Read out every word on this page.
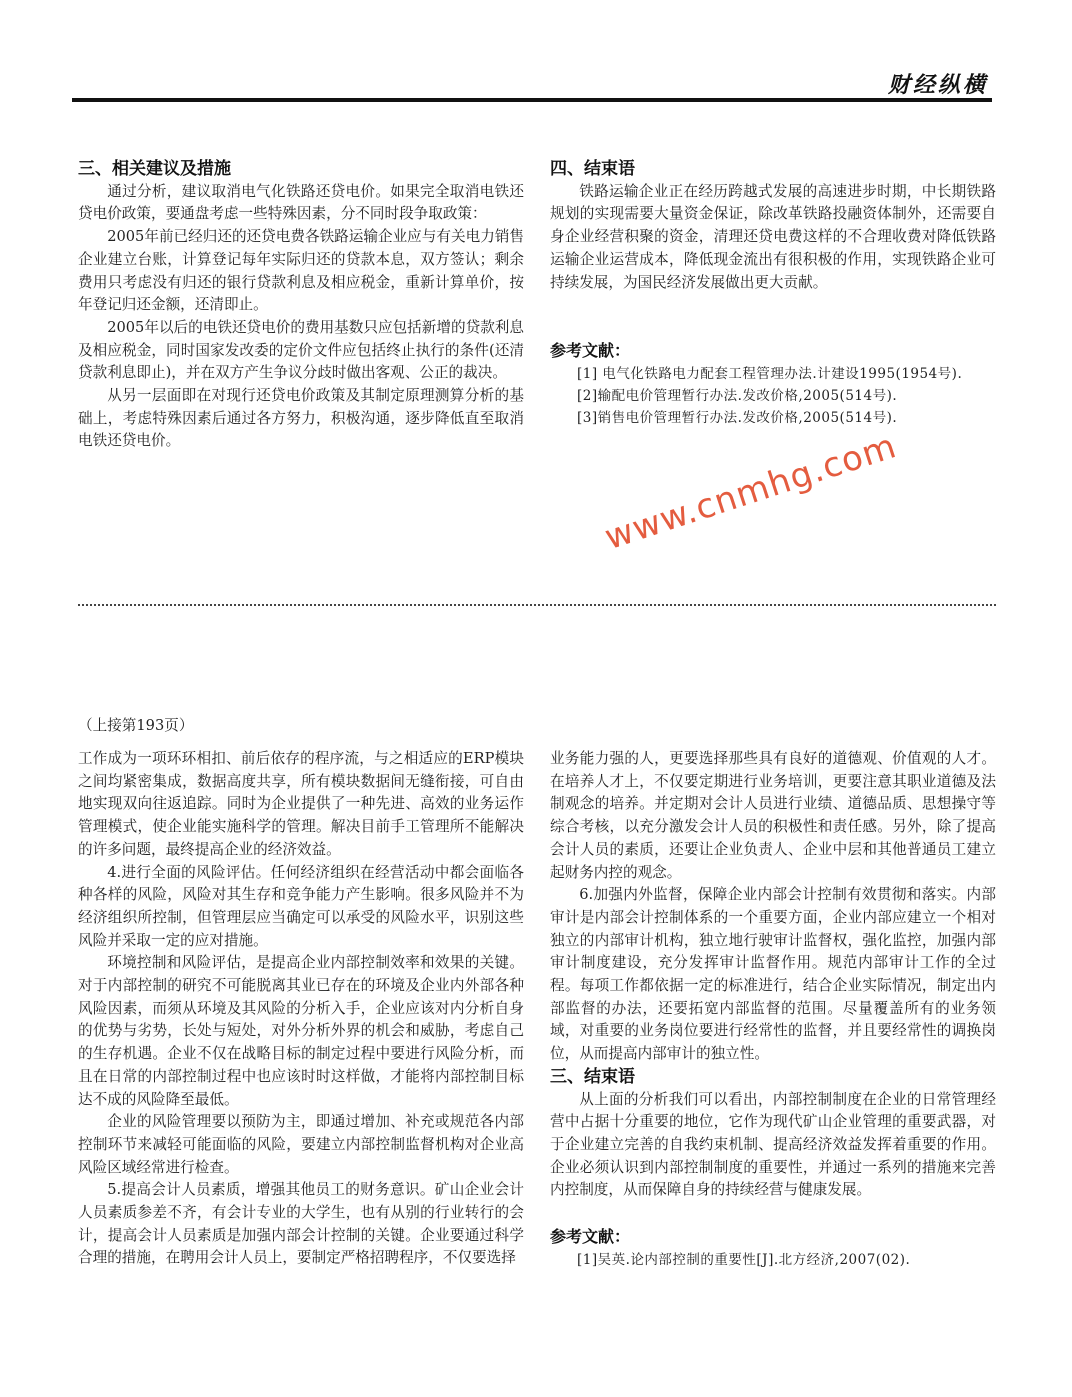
财经纵横
三、相关建议及措施

通过分析，建议取消电气化铁路还贷电价。如果完全取消电铁还贷电价政策，要通盘考虑一些特殊因素，分不同时段争取政策：

2005年前已经归还的还贷电费各铁路运输企业应与有关电力销售企业建立台账，计算登记每年实际归还的贷款本息，双方签认；剩余费用只考虑没有归还的银行贷款利息及相应税金，重新计算单价，按年登记归还金额，还清即止。

2005年以后的电铁还贷电价的费用基数只应包括新增的贷款利息及相应税金，同时国家发改委的定价文件应包括终止执行的条件(还清贷款利息即止)，并在双方产生争议分歧时做出客观、公正的裁决。

从另一层面即在对现行还贷电价政策及其制定原理测算分析的基础上，考虑特殊因素后通过各方努力，积极沟通，逐步降低直至取消电铁还贷电价。

四、结束语

铁路运输企业正在经历跨越式发展的高速进步时期，中长期铁路规划的实现需要大量资金保证，除改革铁路投融资体制外，还需要自身企业经营积聚的资金，清理还贷电费这样的不合理收费对降低铁路运输企业运营成本，降低现金流出有很积极的作用，实现铁路企业可持续发展，为国民经济发展做出更大贡献。

参考文献：
[1] 电气化铁路电力配套工程管理办法.计建设1995(1954号).
[2]输配电价管理暂行办法.发改价格,2005(514号).
[3]销售电价管理暂行办法.发改价格,2005(514号).
（上接第193页）

工作成为一项环环相扣、前后依存的程序流，与之相适应的ERP模块之间均紧密集成，数据高度共享，所有模块数据间无缝衔接，可自由地实现双向往返追踪。同时为企业提供了一种先进、高效的业务运作管理模式，使企业能实施科学的管理。解决目前手工管理所不能解决的许多问题，最终提高企业的经济效益。

4.进行全面的风险评估。任何经济组织在经营活动中都会面临各种各样的风险，风险对其生存和竞争能力产生影响。很多风险并不为经济组织所控制，但管理层应当确定可以承受的风险水平，识别这些风险并采取一定的应对措施。

环境控制和风险评估，是提高企业内部控制效率和效果的关键。对于内部控制的研究不可能脱离其业已存在的环境及企业内外部各种风险因素，而须从环境及其风险的分析入手，企业应该对内分析自身的优势与劣势，长处与短处，对外分析外界的机会和威胁，考虑自己的生存机遇。企业不仅在战略目标的制定过程中要进行风险分析，而且在日常的内部控制过程中也应该时时这样做，才能将内部控制目标达不成的风险降至最低。

企业的风险管理要以预防为主，即通过增加、补充或规范各内部控制环节来减轻可能面临的风险，要建立内部控制监督机构对企业高风险区域经常进行检查。

5.提高会计人员素质，增强其他员工的财务意识。矿山企业会计人员素质参差不齐，有会计专业的大学生，也有从别的行业转行的会计，提高会计人员素质是加强内部会计控制的关键。企业要通过科学合理的措施，在聘用会计人员上，要制定严格招聘程序，不仅要选择

业务能力强的人，更要选择那些具有良好的道德观、价值观的人才。在培养人才上，不仅要定期进行业务培训，更要注意其职业道德及法制观念的培养。并定期对会计人员进行业绩、道德品质、思想操守等综合考核，以充分激发会计人员的积极性和责任感。另外，除了提高会计人员的素质，还要让企业负责人、企业中层和其他普通员工建立起财务内控的观念。

6.加强内外监督，保障企业内部会计控制有效贯彻和落实。内部审计是内部会计控制体系的一个重要方面，企业内部应建立一个相对独立的内部审计机构，独立地行驶审计监督权，强化监控，加强内部审计制度建设，充分发挥审计监督作用。规范内部审计工作的全过程。每项工作都依据一定的标准进行，结合企业实际情况，制定出内部监督的办法，还要拓宽内部监督的范围。尽量覆盖所有的业务领域，对重要的业务岗位要进行经常性的监督，并且要经常性的调换岗位，从而提高内部审计的独立性。

三、结束语

从上面的分析我们可以看出，内部控制制度在企业的日常管理经营中占据十分重要的地位，它作为现代矿山企业管理的重要武器，对于企业建立完善的自我约束机制、提高经济效益发挥着重要的作用。企业必须认识到内部控制制度的重要性，并通过一系列的措施来完善内控制度，从而保障自身的持续经营与健康发展。

参考文献：
[1]吴英.论内部控制的重要性[J].北方经济,2007(02).
www.cnmhg.com
